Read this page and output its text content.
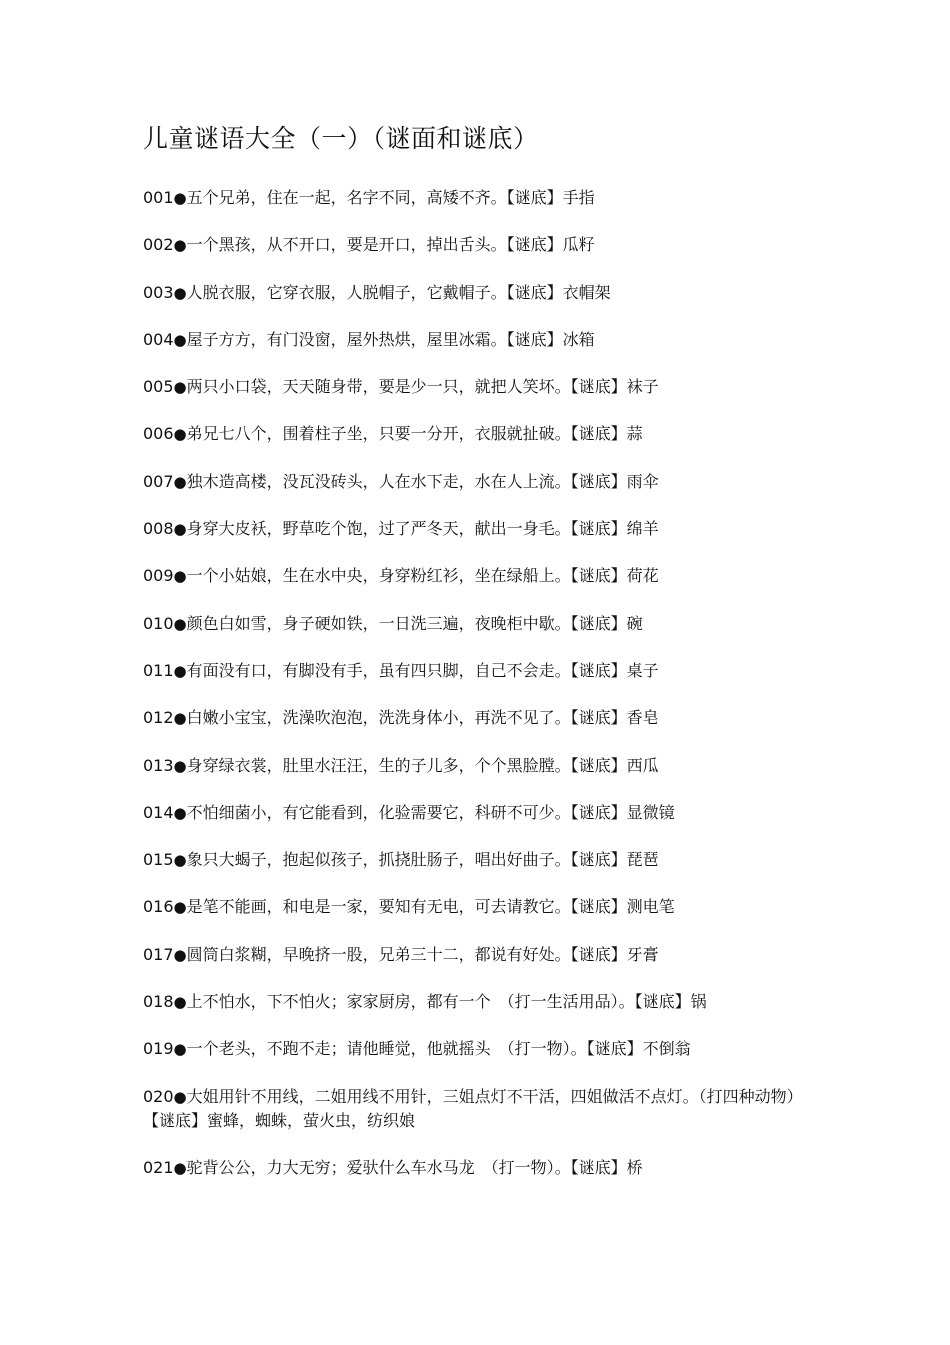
儿童谜语大全（一）（谜面和谜底）
001●五个兄弟，住在一起，名字不同，高矮不齐。【谜底】手指
002●一个黑孩，从不开口，要是开口，掉出舌头。【谜底】瓜籽
003●人脱衣服，它穿衣服，人脱帽子，它戴帽子。【谜底】衣帽架
004●屋子方方，有门没窗，屋外热烘，屋里冰霜。【谜底】冰箱
005●两只小口袋，天天随身带，要是少一只，就把人笑坏。【谜底】袜子
006●弟兄七八个，围着柱子坐，只要一分开，衣服就扯破。【谜底】蒜
007●独木造高楼，没瓦没砖头，人在水下走，水在人上流。【谜底】雨伞
008●身穿大皮袄，野草吃个饱，过了严冬天，献出一身毛。【谜底】绵羊
009●一个小姑娘，生在水中央，身穿粉红衫，坐在绿船上。【谜底】荷花
010●颜色白如雪，身子硬如铁，一日洗三遍，夜晚柜中歇。【谜底】碗
011●有面没有口，有脚没有手，虽有四只脚，自己不会走。【谜底】桌子
012●白嫩小宝宝，洗澡吹泡泡，洗洗身体小，再洗不见了。【谜底】香皂
013●身穿绿衣裳，肚里水汪汪，生的子儿多，个个黑脸膛。【谜底】西瓜
014●不怕细菌小，有它能看到，化验需要它，科研不可少。【谜底】显微镜
015●象只大蝎子，抱起似孩子，抓挠肚肠子，唱出好曲子。【谜底】琵琶
016●是笔不能画，和电是一家，要知有无电，可去请教它。【谜底】测电笔
017●圆筒白浆糊，早晚挤一股，兄弟三十二，都说有好处。【谜底】牙膏
018●上不怕水，下不怕火；家家厨房，都有一个　（打一生活用品）。【谜底】锅
019●一个老头，不跑不走；请他睡觉，他就摇头　（打一物）。【谜底】不倒翁
020●大姐用针不用线，二姐用线不用针，三姐点灯不干活，四姐做活不点灯。（打四种动物）【谜底】蜜蜂，蜘蛛，萤火虫，纺织娘
021●驼背公公，力大无穷；爱驮什么车水马龙　（打一物）。【谜底】桥
